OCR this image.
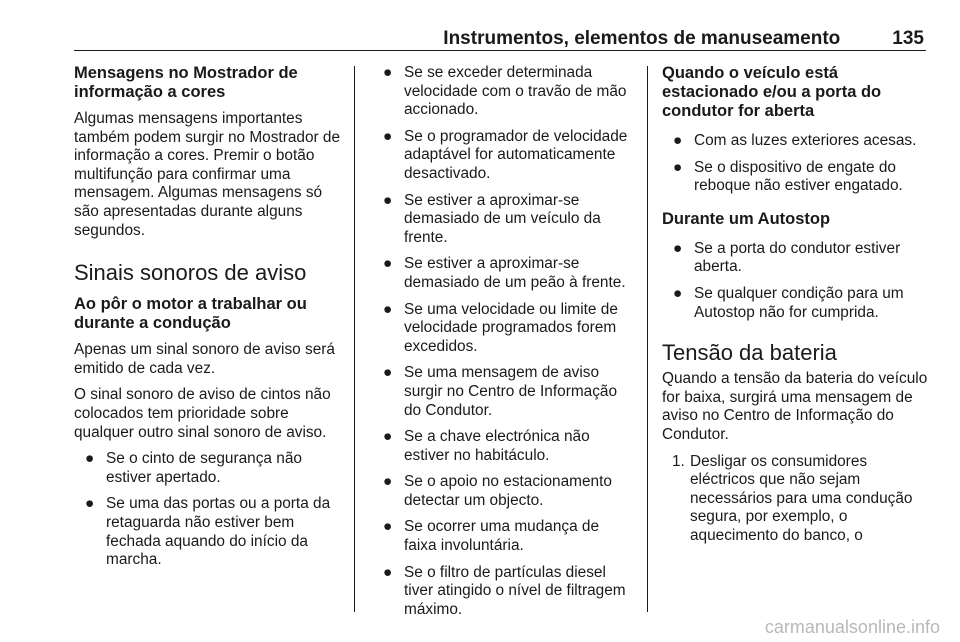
Instrumentos, elementos de manuseamento	135
Mensagens no Mostrador de informação a cores

Algumas mensagens importantes também podem surgir no Mostrador de informação a cores. Premir o botão multifunção para confirmar uma mensagem. Algumas mensagens só são apresentadas durante alguns segundos.

Sinais sonoros de aviso
Ao pôr o motor a trabalhar ou durante a condução

Apenas um sinal sonoro de aviso será emitido de cada vez.

O sinal sonoro de aviso de cintos não colocados tem prioridade sobre qualquer outro sinal sonoro de aviso.

● Se o cinto de segurança não estiver apertado.
● Se uma das portas ou a porta da retaguarda não estiver bem fechada aquando do início da marcha.
● Se se exceder determinada velocidade com o travão de mão accionado.
● Se o programador de velocidade adaptável for automaticamente desactivado.
● Se estiver a aproximar-se demasiado de um veículo da frente.
● Se estiver a aproximar-se demasiado de um peão à frente.
● Se uma velocidade ou limite de velocidade programados forem excedidos.
● Se uma mensagem de aviso surgir no Centro de Informação do Condutor.
● Se a chave electrónica não estiver no habitáculo.
● Se o apoio no estacionamento detectar um objecto.
● Se ocorrer uma mudança de faixa involuntária.
● Se o filtro de partículas diesel tiver atingido o nível de filtragem máximo.
Quando o veículo está estacionado e/ou a porta do condutor for aberta
● Com as luzes exteriores acesas.
● Se o dispositivo de engate do reboque não estiver engatado.
Durante um Autostop
● Se a porta do condutor estiver aberta.
● Se qualquer condição para um Autostop não for cumprida.
Tensão da bateria

Quando a tensão da bateria do veículo for baixa, surgirá uma mensagem de aviso no Centro de Informação do Condutor.

1. Desligar os consumidores eléctricos que não sejam necessários para uma condução segura, por exemplo, o aquecimento do banco, o
carmanualsonline.info
